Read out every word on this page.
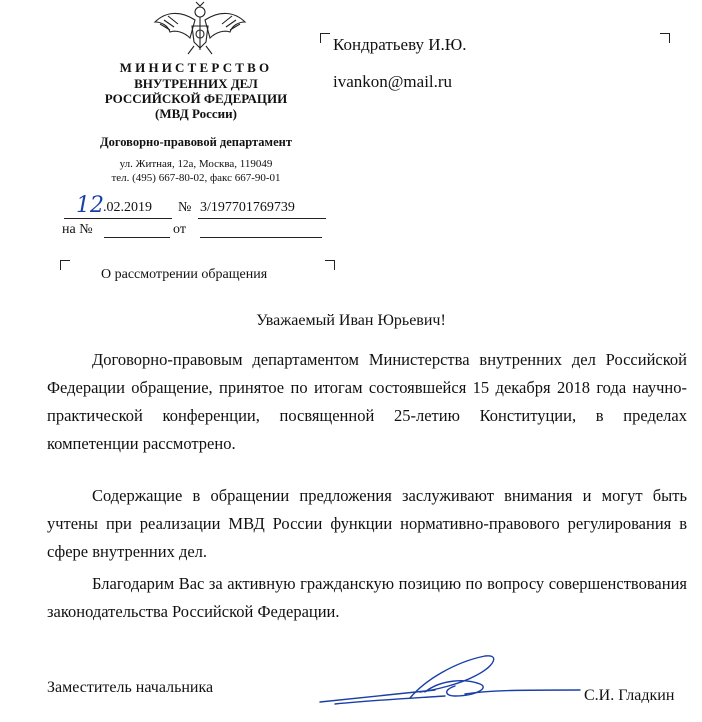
МИНИСТЕРСТВО
ВНУТРЕННИХ ДЕЛ
РОССИЙСКОЙ ФЕДЕРАЦИИ
(МВД России)
Договорно-правовой департамент
ул. Житная, 12а, Москва, 119049
тел. (495) 667-80-02, факс 667-90-01
12 .02.2019 № 3/197701769739
на №	от
Кондратьеву И.Ю.
ivankon@mail.ru
О рассмотрении обращения
Уважаемый Иван Юрьевич!
Договорно-правовым департаментом Министерства внутренних дел Российской Федерации обращение, принятое по итогам состоявшейся 15 декабря 2018 года научно-практической конференции, посвященной 25-летию Конституции, в пределах компетенции рассмотрено.
Содержащие в обращении предложения заслуживают внимания и могут быть учтены при реализации МВД России функции нормативно-правового регулирования в сфере внутренних дел.
Благодарим Вас за активную гражданскую позицию по вопросу совершенствования законодательства Российской Федерации.
Заместитель начальника	С.И. Гладкин
